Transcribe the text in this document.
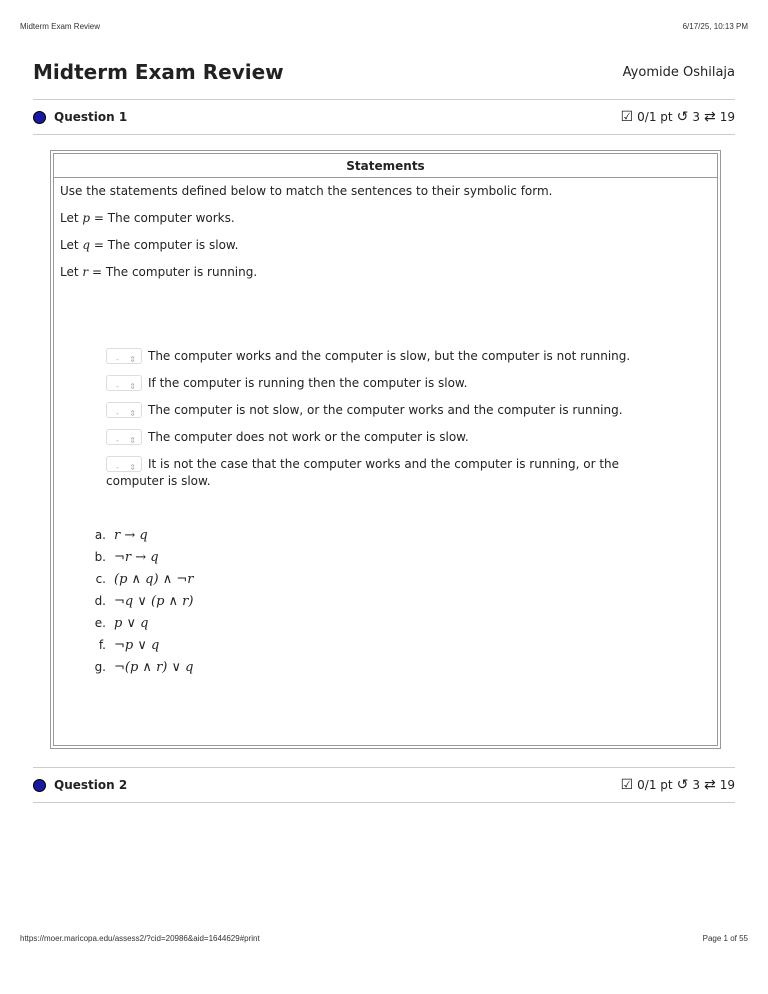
Midterm Exam Review	6/17/25, 10:13 PM
Midterm Exam Review	Ayomide Oshilaja
Question 1	☑ 0/1 pt ↺ 3 ⇄ 19
Statements

Use the statements defined below to match the sentences to their symbolic form.

Let p = The computer works.

Let q = The computer is slow.

Let r = The computer is running.

- ⇕ The computer works and the computer is slow, but the computer is not running.
- ⇕ If the computer is running then the computer is slow.
- ⇕ The computer is not slow, or the computer works and the computer is running.
- ⇕ The computer does not work or the computer is slow.
- ⇕ It is not the case that the computer works and the computer is running, or the computer is slow.
a. r → q
b. ¬r → q
c. (p ∧ q) ∧ ¬r
d. ¬q ∨ (p ∧ r)
e. p ∨ q
f. ¬p ∨ q
g. ¬(p ∧ r) ∨ q
Question 2	☑ 0/1 pt ↺ 3 ⇄ 19
https://moer.maricopa.edu/assess2/?cid=20986&aid=1644629#print	Page 1 of 55
